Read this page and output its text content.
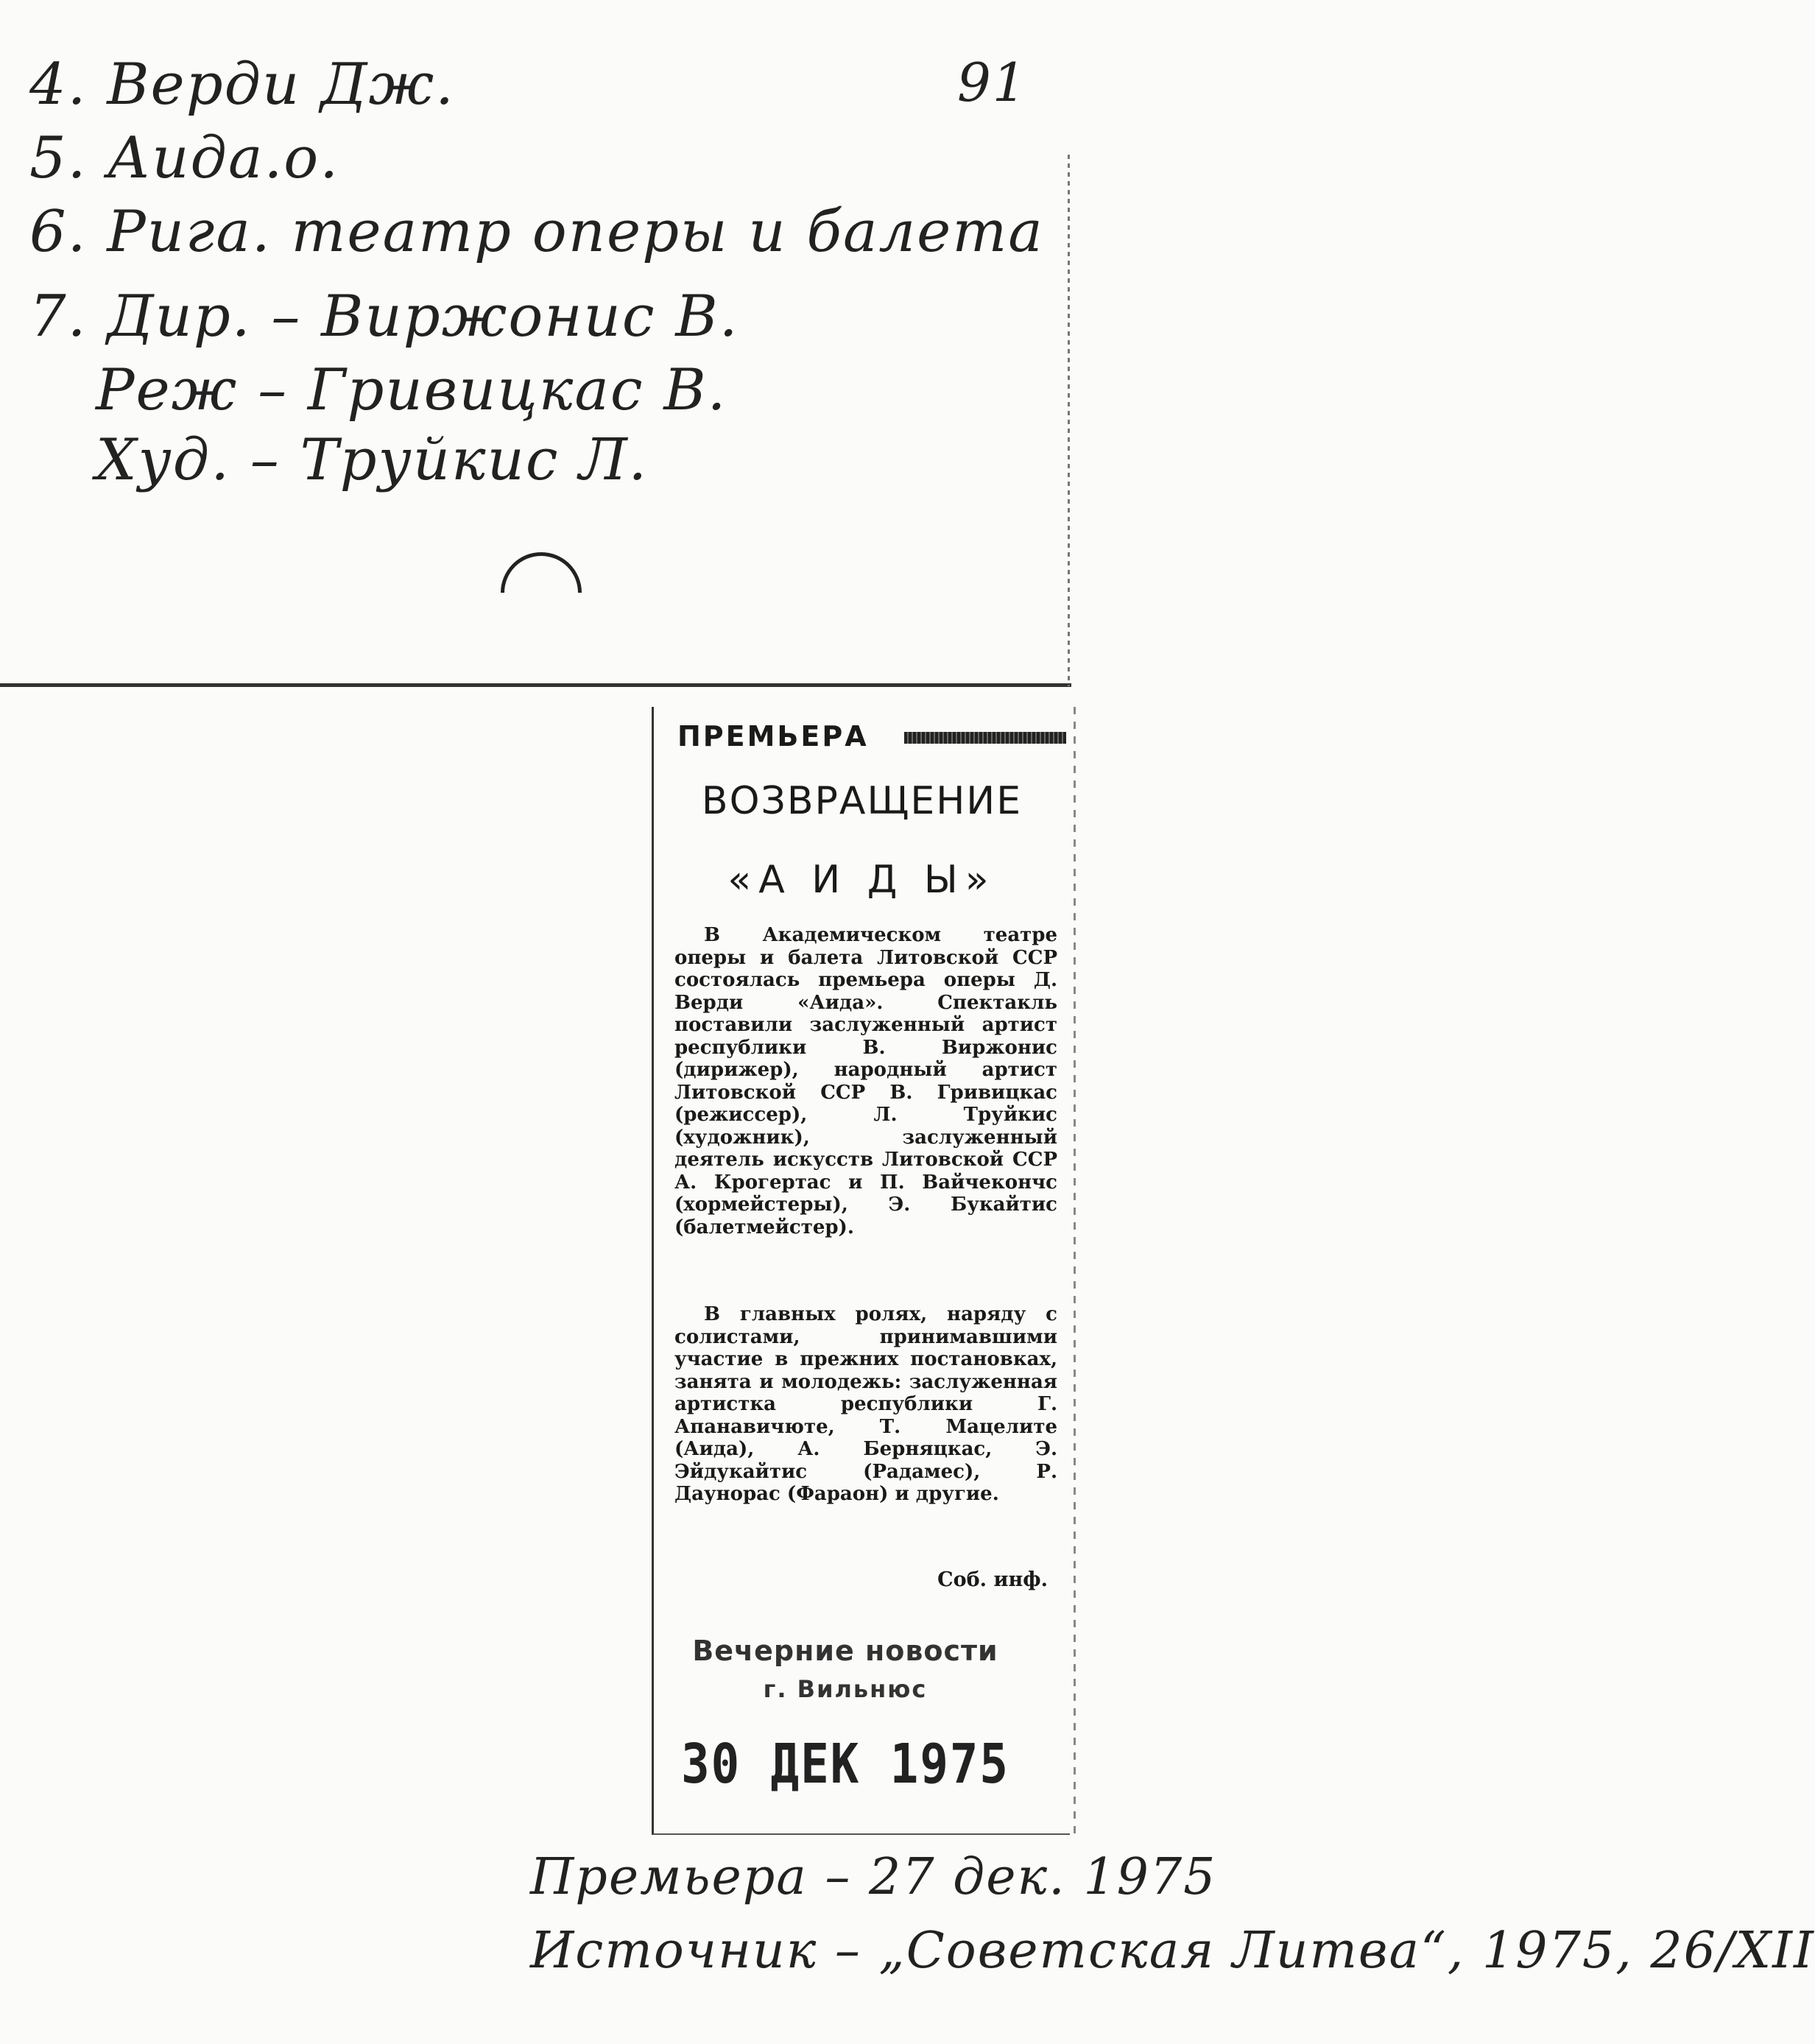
4. Верди Дж.
5. Аида.о.
6. Рига. театр оперы и балета
7. Дир. – Виржонис В.
Реж – Гривицкас В.
Худ. – Труйкис Л.
91
ПРЕМЬЕРА
ВОЗВРАЩЕНИЕ
«А И Д Ы»
В Академическом театре оперы и балета Литовской ССР состоялась премьера оперы Д. Верди «Аида». Спектакль поставили заслуженный артист республики В. Виржонис (дирижер), народный артист Литовской ССР В. Гривицкас (режиссер), Л. Труйкис (художник), заслуженный деятель искусств Литовской ССР А. Крогертас и П. Вайчекончс (хормейстеры), Э. Букайтис (балетмейстер).
В главных ролях, наряду с солистами, принимавшими участие в прежних постановках, занята и молодежь: заслуженная артистка республики Г. Апанавичюте, Т. Мацелите (Аида), А. Берняцкас, Э. Эйдукайтис (Радамес), Р. Даунорас (Фараон) и другие.
Соб. инф.
Вечерние новости
г. Вильнюс
30 ДЕК 1975
Премьера – 27 дек. 1975
Источник – „Советская Литва“, 1975, 26/XII
